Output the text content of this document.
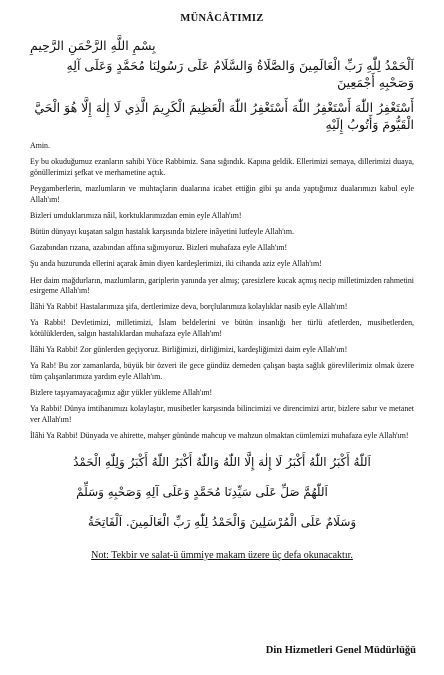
MÜNÂCÂTIMIZ
بِسْمِ اللَّهِ الرَّحْمَنِ الرَّحِيمِ
اَلْحَمْدُ لِلّٰهِ رَبِّ الْعَالَمِينَ وَالصَّلَاةُ وَالسَّلَامُ عَلَى رَسُولِنَا مُحَمَّدٍ وَعَلَى آلِهِ وَصَحْبِهِ أَجْمَعِينَ
أَسْتَغْفِرُ اللّٰهَ أَسْتَغْفِرُ اللّٰهَ أَسْتَغْفِرُ اللّٰهَ الْعَظِيمَ الْكَرِيمَ الَّذِي لَا إِلٰهَ إِلَّا هُوَ الْحَيَّ الْقَيُّومَ وَأَتُوبُ إِلَيْهِ

Amin.

Ey bu okuduğumuz ezanların sahibi Yüce Rabbimiz. Sana sığındık. Kapına geldik. Ellerimizi semaya, dillerimizi duaya, gönüllerimizi şefkat ve merhametine açtık.

Peygamberlerin, mazlumların ve muhtaçların dualarına icabet ettiğin gibi şu anda yaptığımız dualarımızı kabul eyle Allah'ım!

Bizleri umduklarımıza nâil, korktuklarımızdan emin eyle Allah'ım!

Bütün dünyayı kuşatan salgın hastalık karşısında bizlere inâyetini lutfeyle Allah'ım.

Gazabından rızana, azabından affına sığınıyoruz. Bizleri muhafaza eyle Allah'ım!

Şu anda huzurunda ellerini açarak âmin diyen kardeşlerimizi, iki cihanda aziz eyle Allah'ım!

Her daim mağdurların, mazlumların, gariplerin yanında yer almış; çaresizlere kucak açmış necip milletimizden rahmetini esirgeme Allah'ım!

İlâhi Ya Rabbi! Hastalarımıza şifa, dertlerimize deva, borçlularımıza kolaylıklar nasib eyle Allah'ım!

Ya Rabbi! Devletimizi, milletimizi, İslam beldelerini ve bütün insanlığı her türlü afetlerden, musibetlerden, kötülüklerden, salgın hastalıklardan muhafaza eyle Allah'ım!

İlâhi Ya Rabbi! Zor günlerden geçiyoruz. Birliğimizi, dirliğimizi, kardeşliğimizi daim eyle Allah'ım!

Ya Rab! Bu zor zamanlarda, büyük bir özveri ile gece gündüz demeden çalışan başta sağlık görevlilerimiz olmak üzere tüm çalışanlarımıza yardım eyle Allah'ım.

Bizlere taşıyamayacağımız ağır yükler yükleme Allah'ım!

Ya Rabbi! Dünya imtihanımızı kolaylaştır, musibetler karşısında bilincimizi ve direncimizi artır, bizlere sabır ve metanet ver Allah'ım!

İlâhi Ya Rabbi! Dünyada ve ahirette, mahşer gününde mahcup ve mahzun olmaktan cümlemizi muhafaza eyle Allah'ım!

اَللّٰهُ أَكْبَرُ اللّٰهُ أَكْبَرُ لَا إِلٰهَ إِلَّا اللّٰهُ وَاللّٰهُ أَكْبَرُ اللّٰهُ أَكْبَرُ وَلِلّٰهِ الْحَمْدُ
اَللّٰهُمَّ صَلِّ عَلَى سَيِّدِنَا مُحَمَّدٍ وَعَلَى آلِهِ وَصَحْبِهِ وَسَلِّمْ
وَسَلَامٌ عَلَى الْمُرْسَلِينَ وَالْحَمْدُ لِلّٰهِ رَبِّ الْعَالَمِينَ. اَلْفَاتِحَةُ
Not: Tekbir ve salat-ü ümmiye makam üzere üç defa okunacaktır.
Din Hizmetleri Genel Müdürlüğü
